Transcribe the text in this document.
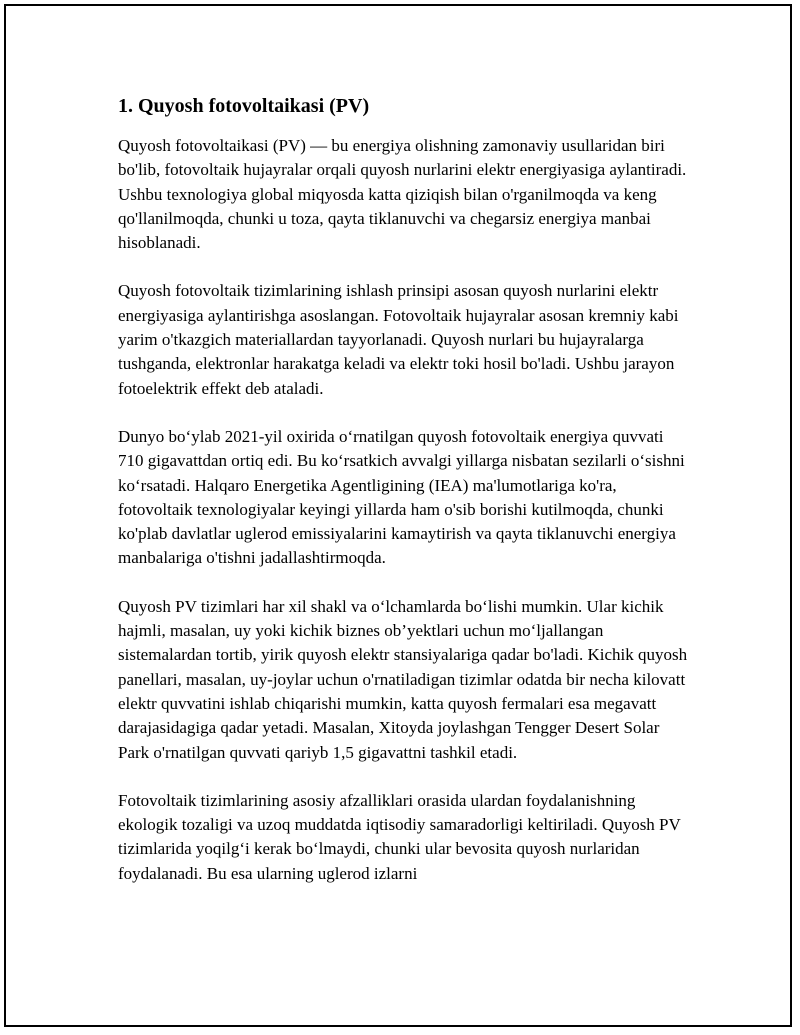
1. Quyosh fotovoltaikasi (PV)

Quyosh fotovoltaikasi (PV) — bu energiya olishning zamonaviy usullaridan biri bo'lib, fotovoltaik hujayralar orqali quyosh nurlarini elektr energiyasiga aylantiradi. Ushbu texnologiya global miqyosda katta qiziqish bilan o'rganilmoqda va keng qo'llanilmoqda, chunki u toza, qayta tiklanuvchi va chegarsiz energiya manbai hisoblanadi.

Quyosh fotovoltaik tizimlarining ishlash prinsipi asosan quyosh nurlarini elektr energiyasiga aylantirishga asoslangan. Fotovoltaik hujayralar asosan kremniy kabi yarim o'tkazgich materiallardan tayyorlanadi. Quyosh nurlari bu hujayralarga tushganda, elektronlar harakatga keladi va elektr toki hosil bo'ladi. Ushbu jarayon fotoelektrik effekt deb ataladi.

Dunyo bo‘ylab 2021-yil oxirida o‘rnatilgan quyosh fotovoltaik energiya quvvati 710 gigavattdan ortiq edi. Bu ko‘rsatkich avvalgi yillarga nisbatan sezilarli o‘sishni ko‘rsatadi. Halqaro Energetika Agentligining (IEA) ma'lumotlariga ko'ra, fotovoltaik texnologiyalar keyingi yillarda ham o'sib borishi kutilmoqda, chunki ko'plab davlatlar uglerod emissiyalarini kamaytirish va qayta tiklanuvchi energiya manbalariga o'tishni jadallashtirmoqda.

Quyosh PV tizimlari har xil shakl va o‘lchamlarda bo‘lishi mumkin. Ular kichik hajmli, masalan, uy yoki kichik biznes ob’yektlari uchun mo‘ljallangan sistemalardan tortib, yirik quyosh elektr stansiyalariga qadar bo'ladi. Kichik quyosh panellari, masalan, uy-joylar uchun o'rnatiladigan tizimlar odatda bir necha kilovatt elektr quvvatini ishlab chiqarishi mumkin, katta quyosh fermalari esa megavatt darajasidagiga qadar yetadi. Masalan, Xitoyda joylashgan Tengger Desert Solar Park o'rnatilgan quvvati qariyb 1,5 gigavattni tashkil etadi.

Fotovoltaik tizimlarining asosiy afzalliklari orasida ulardan foydalanishning ekologik tozaligi va uzoq muddatda iqtisodiy samaradorligi keltiriladi. Quyosh PV tizimlarida yoqilg‘i kerak bo‘lmaydi, chunki ular bevosita quyosh nurlaridan foydalanadi. Bu esa ularning uglerod izlarni
